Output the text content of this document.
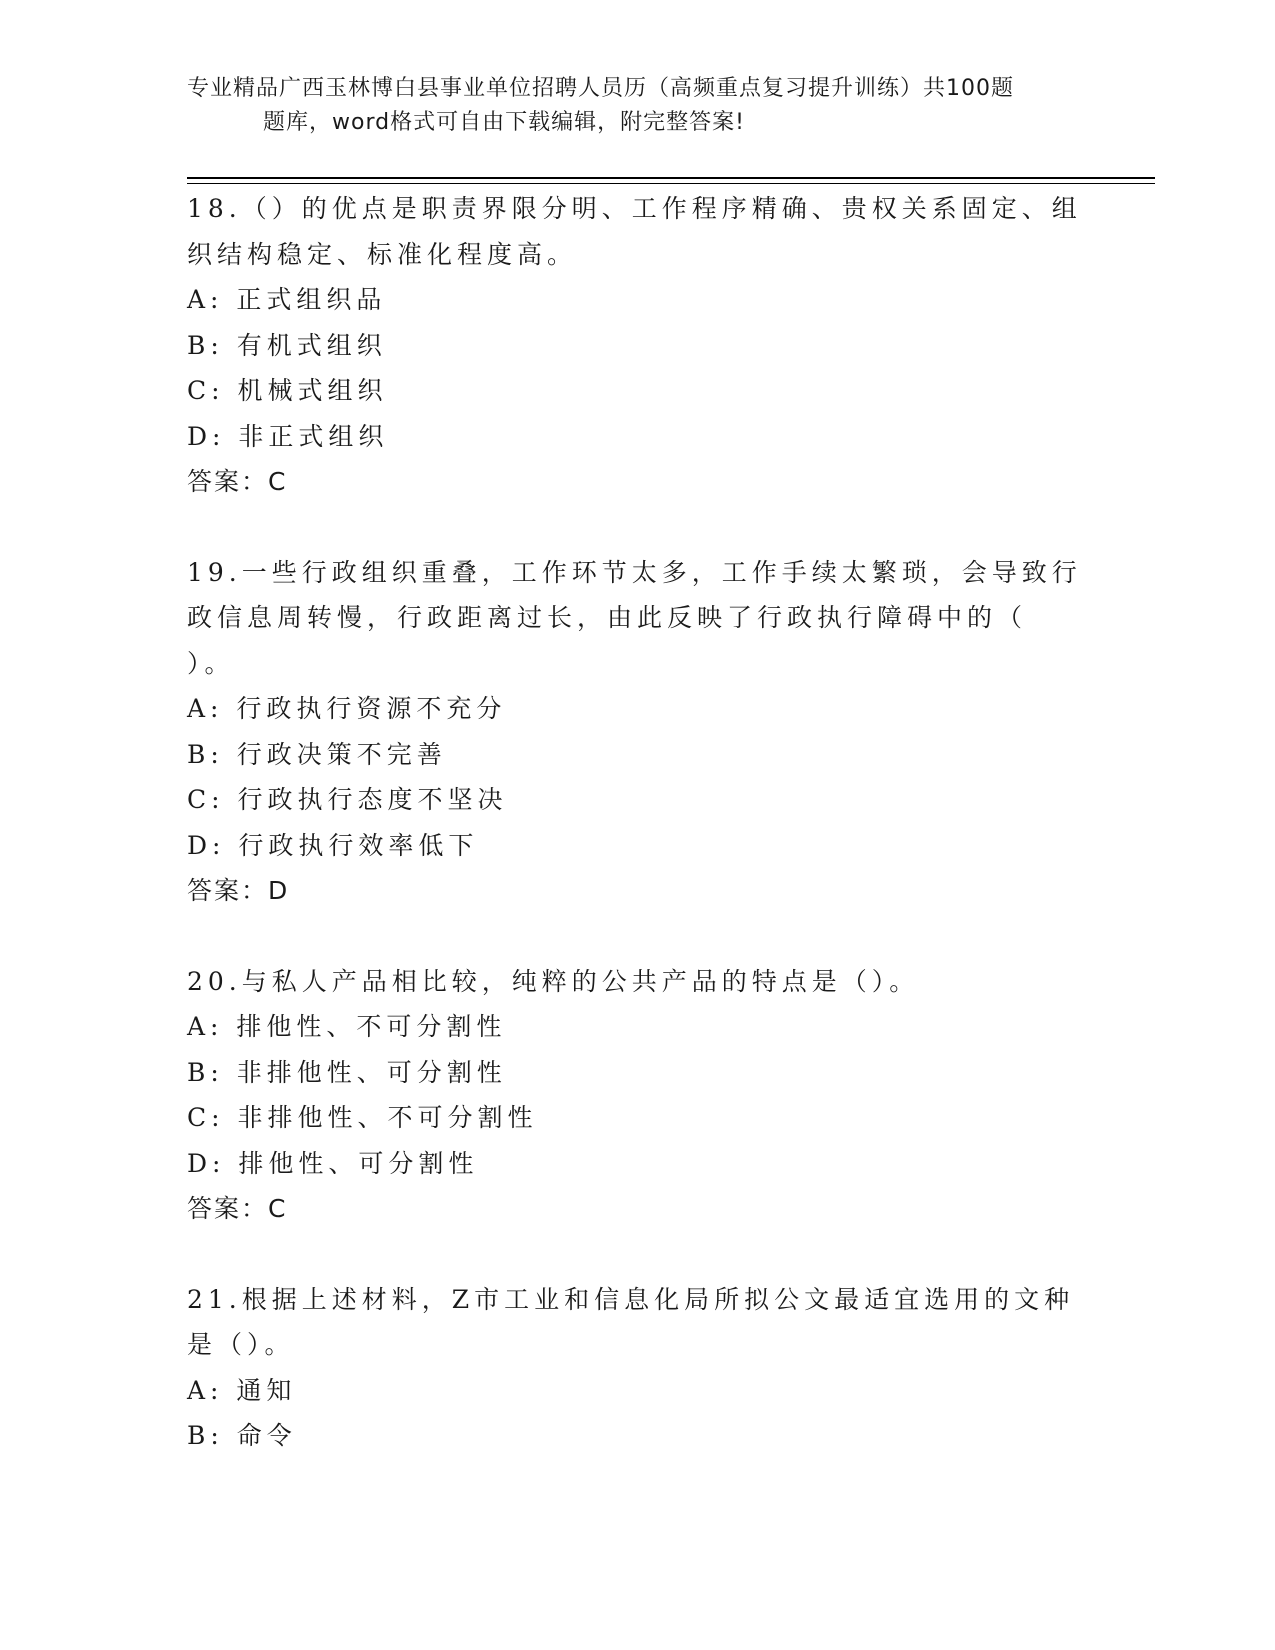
专业精品广西玉林博白县事业单位招聘人员历（高频重点复习提升训练）共100题
题库，word格式可自由下载编辑，附完整答案!

18.（）的优点是职责界限分明、工作程序精确、贵权关系固定、组织结构稳定、标准化程度高。

A: 正式组织品

B: 有机式组织

C: 机械式组织

D: 非正式组织

答案：C

19.一些行政组织重叠，工作环节太多，工作手续太繁琐，会导致行政信息周转慢，行政距离过长，由此反映了行政执行障碍中的（　　）。

A: 行政执行资源不充分

B: 行政决策不完善

C: 行政执行态度不坚决

D: 行政执行效率低下

答案：D

20.与私人产品相比较，纯粹的公共产品的特点是（）。

A: 排他性、不可分割性

B: 非排他性、可分割性

C: 非排他性、不可分割性

D: 排他性、可分割性

答案：C

21.根据上述材料，Z市工业和信息化局所拟公文最适宜选用的文种是（）。

A: 通知

B: 命令
